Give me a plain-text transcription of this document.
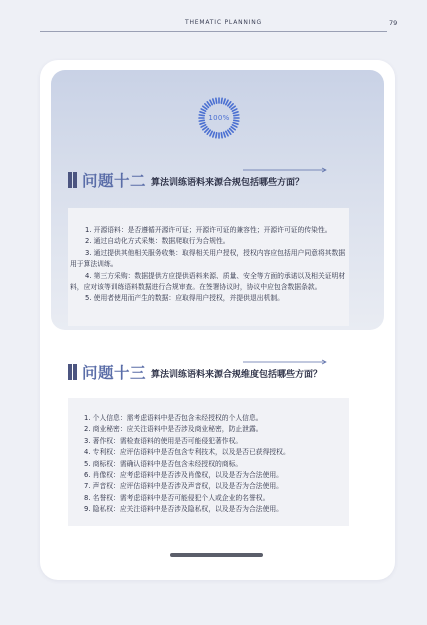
THEMATIC PLANNING	79
100%
问题十二 算法训练语料来源合规包括哪些方面？

1. 开源语料：是否遵循开源许可证；开源许可证的兼容性；开源许可证的传染性。

2. 通过自动化方式采集：数据爬取行为合规性。

3. 通过提供其他相关服务收集：取得相关用户授权，授权内容应包括用户同意将其数据用于算法训练。

4. 第三方采购：数据提供方应提供语料来源、质量、安全等方面的承诺以及相关证明材料，应对该等训练语料数据进行合规审查。在签署协议时，协议中应包含数据条款。

5. 使用者使用而产生的数据：应取得用户授权，并提供退出机制。

问题十三 算法训练语料来源合规维度包括哪些方面？

1. 个人信息：需考虑语料中是否包含未经授权的个人信息。

2. 商业秘密：应关注语料中是否涉及商业秘密，防止泄露。

3. 著作权：需检查语料的使用是否可能侵犯著作权。

4. 专利权：应评估语料中是否包含专利技术，以及是否已获得授权。

5. 商标权：需确认语料中是否包含未经授权的商标。

6. 肖像权：应考虑语料中是否涉及肖像权，以及是否为合法使用。

7. 声音权：应评估语料中是否涉及声音权，以及是否为合法使用。

8. 名誉权：需考虑语料中是否可能侵犯个人或企业的名誉权。

9. 隐私权：应关注语料中是否涉及隐私权，以及是否为合法使用。
